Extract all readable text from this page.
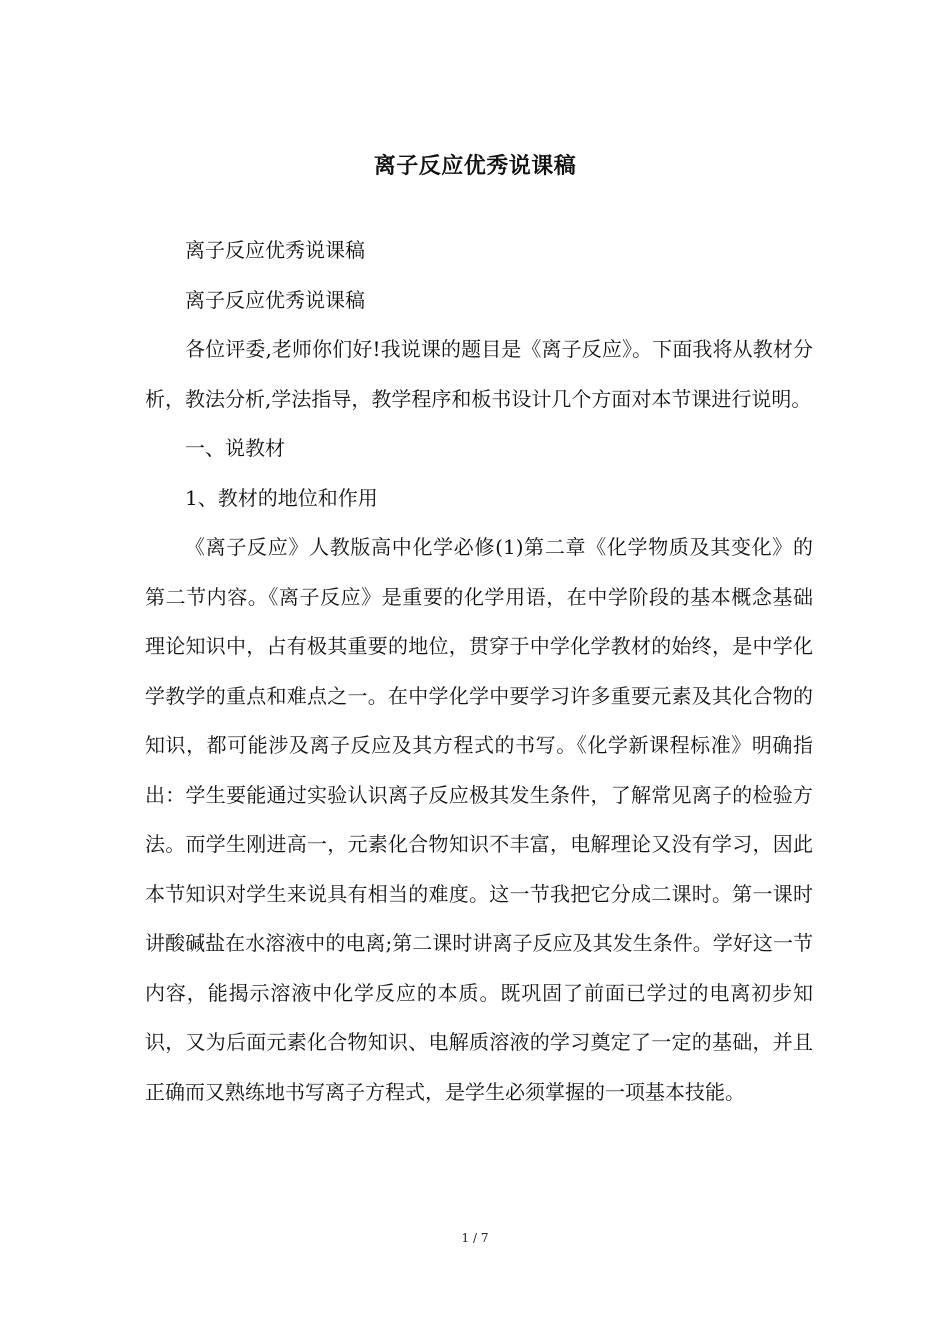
离子反应优秀说课稿

离子反应优秀说课稿

离子反应优秀说课稿

各位评委,老师你们好!我说课的题目是《离子反应》。下面我将从教材分析，教法分析,学法指导，教学程序和板书设计几个方面对本节课进行说明。

一、说教材

1、教材的地位和作用

《离子反应》人教版高中化学必修(1)第二章《化学物质及其变化》的第二节内容。《离子反应》是重要的化学用语，在中学阶段的基本概念基础理论知识中，占有极其重要的地位，贯穿于中学化学教材的始终，是中学化学教学的重点和难点之一。在中学化学中要学习许多重要元素及其化合物的知识，都可能涉及离子反应及其方程式的书写。《化学新课程标准》明确指出：学生要能通过实验认识离子反应极其发生条件，了解常见离子的检验方法。而学生刚进高一，元素化合物知识不丰富，电解理论又没有学习，因此本节知识对学生来说具有相当的难度。这一节我把它分成二课时。第一课时讲酸碱盐在水溶液中的电离;第二课时讲离子反应及其发生条件。学好这一节内容，能揭示溶液中化学反应的本质。既巩固了前面已学过的电离初步知识，又为后面元素化合物知识、电解质溶液的学习奠定了一定的基础，并且正确而又熟练地书写离子方程式，是学生必须掌握的一项基本技能。

1 / 7
